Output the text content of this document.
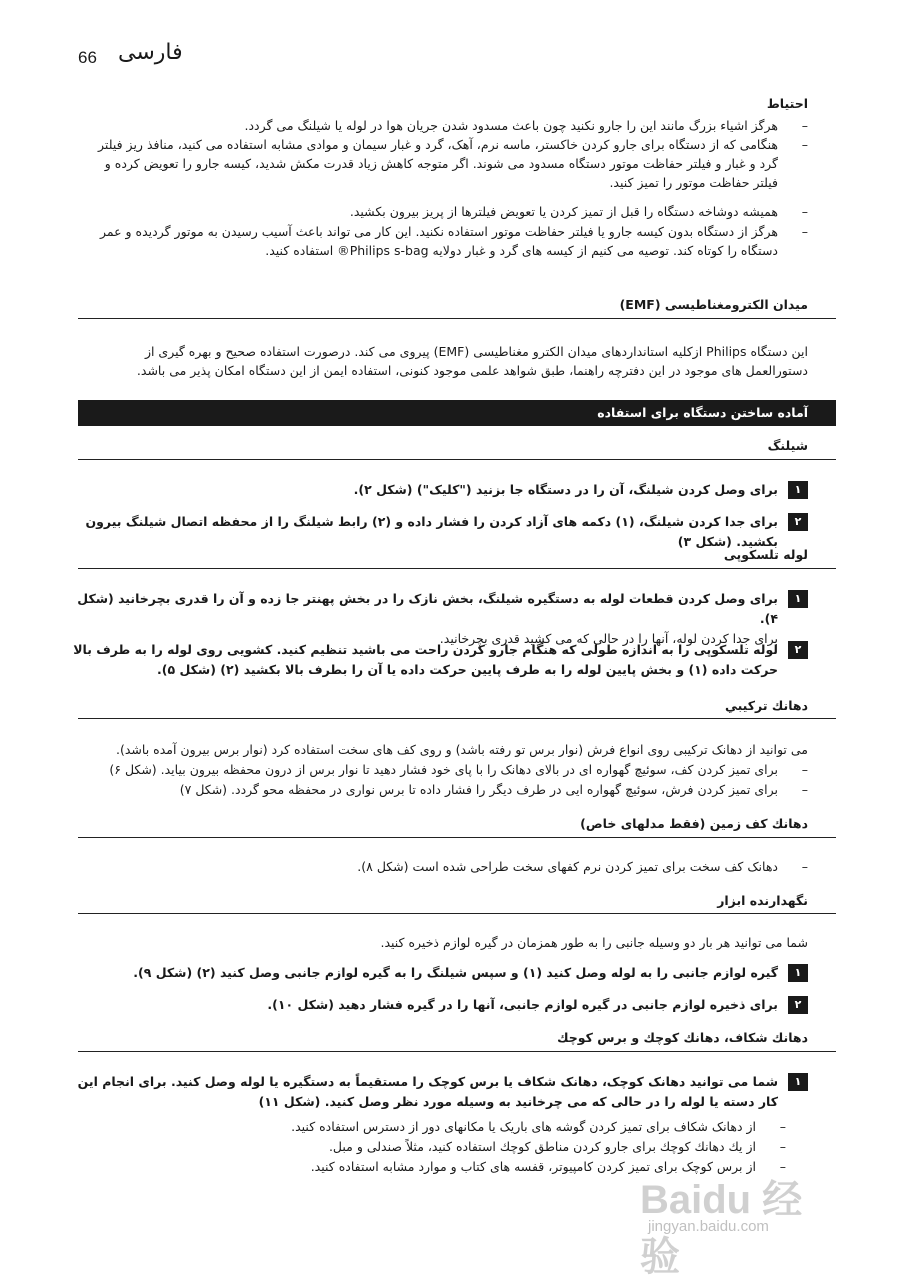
66 فارسی
احتیاط
–
هرگز اشیاء بزرگ مانند این را جارو نکنید چون باعث مسدود شدن جریان هوا در لوله یا شیلنگ می گردد.
–
هنگامی که از دستگاه برای جارو کردن خاکستر، ماسه نرم، آهک، گرد و غبار سیمان و موادی مشابه استفاده می کنید، منافذ ریز فیلتر گرد و غبار و فیلتر حفاظت موتور دستگاه مسدود می شوند. اگر متوجه کاهش زیاد قدرت مکش شدید، کیسه جارو را تعویض کرده و فیلتر حفاظت موتور را تمیز کنید.
–
همیشه دوشاخه دستگاه را قبل از تمیز کردن یا تعویض فیلترها از پریز بیرون بکشید.
–
هرگز از دستگاه بدون کیسه جارو یا فیلتر حفاظت موتور استفاده نکنید. این کار می تواند باعث آسیب رسیدن به موتور گردیده و عمر دستگاه را کوتاه کند. توصیه می کنیم از کیسه های گرد و غبار دولایه Philips s-bag® استفاده کنید.
میدان الکترومغناطیسی (EMF)
این دستگاه Philips ازکلیه استانداردهای میدان الکترو مغناطیسی (EMF) پیروی می کند. درصورت استفاده صحیح و بهره گیری از دستورالعمل های موجود در این دفترچه راهنما، طبق شواهد علمی موجود کنونی، استفاده ایمن از این دستگاه امکان پذیر می باشد.
آماده ساختن دستگاه برای استفاده
شیلنگ
۱
برای وصل کردن شیلنگ، آن را در دستگاه جا بزنید ("کلیک") (شکل ۲).
۲
برای جدا کردن شیلنگ، (۱) دکمه های آزاد کردن را فشار داده و (۲) رابط شیلنگ را از محفظه اتصال شیلنگ بیرون بکشید. (شکل ۳)
لوله تلسکوپی
۱
برای وصل کردن قطعات لوله به دستگیره شیلنگ، بخش نازک را در بخش پهنتر جا زده و آن را قدری بچرخانید (شکل ۴).
برای جدا کردن لوله، آنها را در حالی که می کشید قدری بچرخانید.
۲
لوله تلسکوپی را به اندازه طولی که هنگام جارو کردن راحت می باشید تنظیم کنید. کشویی روی لوله را به طرف بالا حرکت داده (۱) و بخش پایین لوله را به طرف پایین حرکت داده یا آن را بطرف بالا بکشید (۲) (شکل ۵).
دهانك تركيبي
می توانید از دهانک ترکیبی روی انواع فرش (نوار برس تو رفته باشد) و روی کف های سخت استفاده کرد (نوار برس بیرون آمده باشد).
–
برای تمیز کردن کف، سوئیچ گهواره ای در بالای دهانک را با پای خود فشار دهید تا نوار برس از درون محفظه بیرون بیاید. (شکل ۶)
–
برای تمیز کردن فرش، سوئیچ گهواره ایی در طرف دیگر را فشار داده تا برس نواری در محفظه محو گردد. (شکل ۷)
دهانك كف زمين (فقط مدلهای خاص)
–
دهانک کف سخت برای تمیز کردن نرم کفهای سخت طراحی شده است (شکل ۸).
نگهدارنده ابزار
شما می توانید هر بار دو وسیله جانبی را به طور همزمان در گیره لوازم ذخیره کنید.
۱
گیره لوازم جانبی را به لوله وصل کنید (۱) و سپس شیلنگ را به گیره لوازم جانبی وصل کنید (۲) (شکل ۹).
۲
برای ذخیره لوازم جانبی در گیره لوازم جانبی، آنها را در گیره فشار دهید (شکل ۱۰).
دهانك شكاف، دهانك كوچك و برس كوچك
۱
شما می توانید دهانک کوچک، دهانک شکاف یا برس کوچک را مستقیماً به دستگیره یا لوله وصل کنید. برای انجام این کار دسته یا لوله را در حالی که می چرخانید به وسیله مورد نظر وصل کنید. (شکل ۱۱)
–
از دهانک شکاف برای تمیز کردن گوشه های باریک یا مکانهای دور از دسترس استفاده کنید.
–
از يك دهانك كوچك برای جارو كردن مناطق كوچك استفاده كنيد، مثلاً صندلی و مبل.
–
از برس کوچک برای تمیز کردن کامپیوتر، قفسه های کتاب و موارد مشابه استفاده کنید.
Baidu 经验
jingyan.baidu.com
